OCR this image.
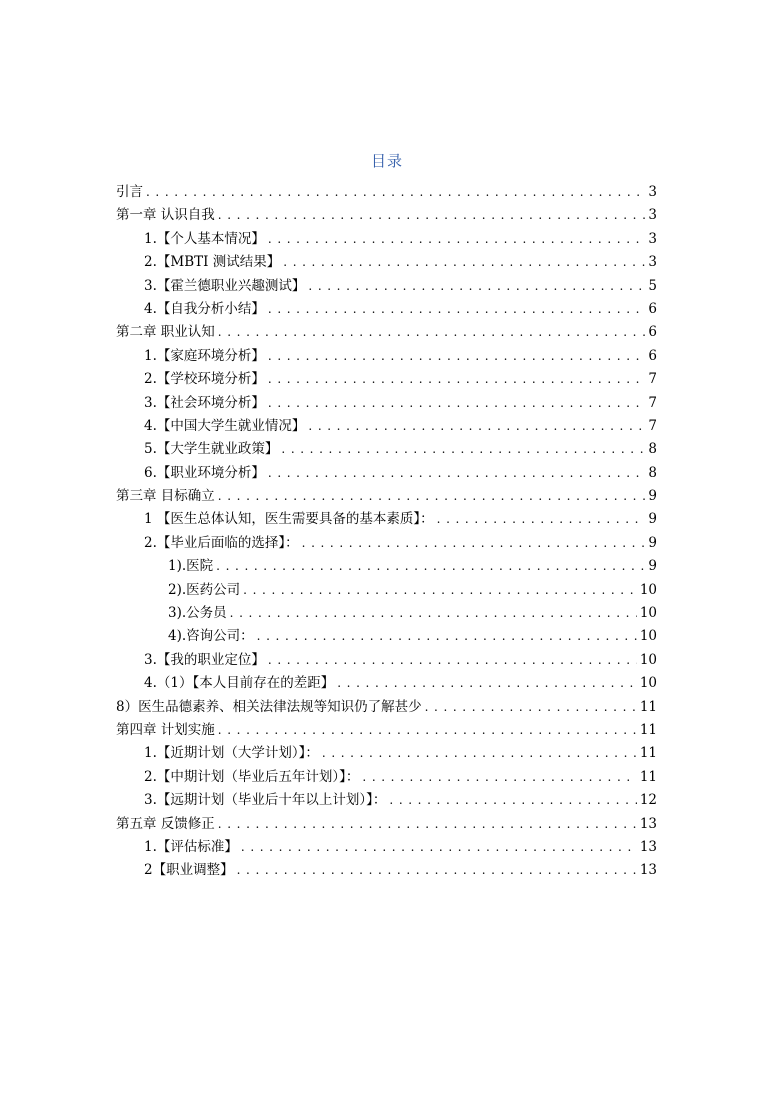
目录
引言 . . .	3
第一章 认识自我 . . .	3
1.【个人基本情况】 . . .	3
2.【MBTI 测试结果】 . . .	3
3.【霍兰德职业兴趣测试】 . . .	5
4.【自我分析小结】 . . .	6
第二章 职业认知 . . .	6
1.【家庭环境分析】 . . .	6
2.【学校环境分析】 . . .	7
3.【社会环境分析】 . . .	7
4.【中国大学生就业情况】 . . .	7
5.【大学生就业政策】 . . .	8
6.【职业环境分析】 . . .	8
第三章 目标确立 . . .	9
1 【医生总体认知，医生需要具备的基本素质】： . . .	9
2.【毕业后面临的选择】： . . .	9
1).医院 . . .	9
2).医药公司 . . .	10
3).公务员 . . .	10
4).咨询公司： . . .	10
3.【我的职业定位】 . . .	10
4.（1）【本人目前存在的差距】 . . .	10
8）医生品德素养、相关法律法规等知识仍了解甚少 . . .	11
第四章 计划实施 . . .	11
1.【近期计划（大学计划）】： . . .	11
2.【中期计划（毕业后五年计划）】： . . .	11
3.【远期计划（毕业后十年以上计划）】： . . .	12
第五章 反馈修正 . . .	13
1.【评估标准】 . . .	13
2【职业调整】 . . .	13
